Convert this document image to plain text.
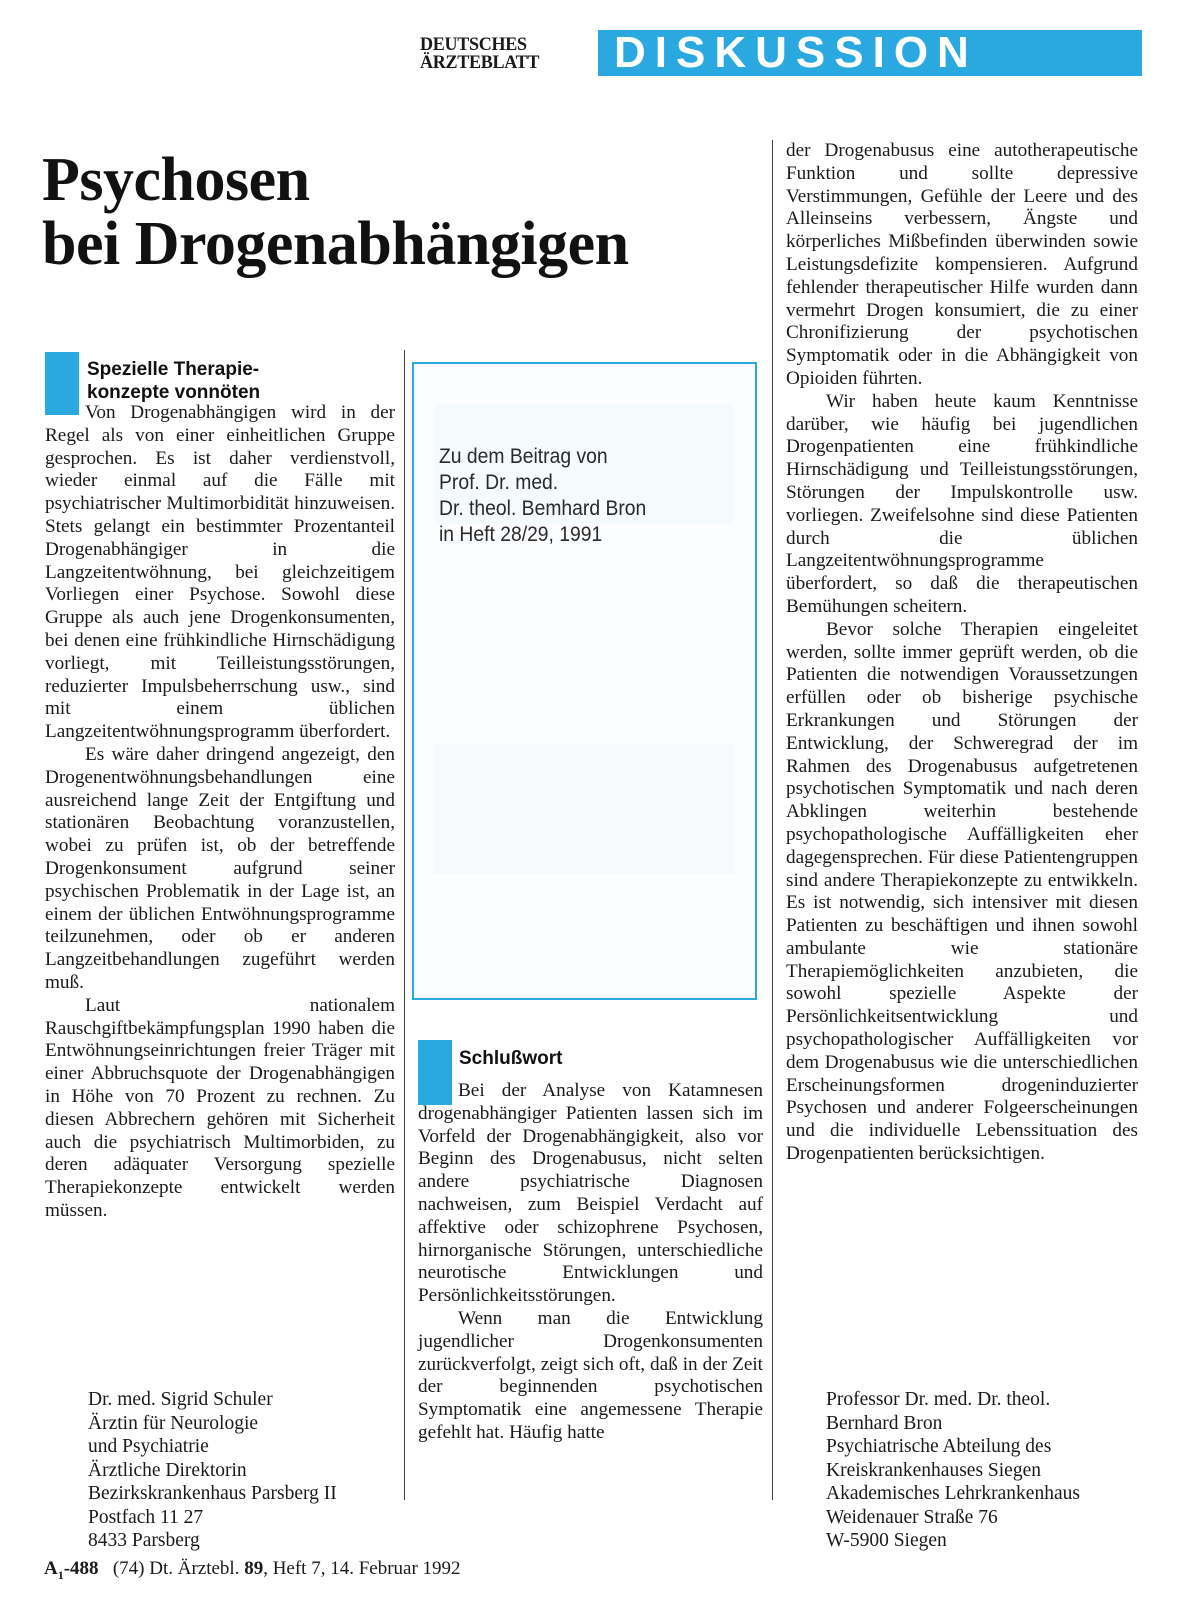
DEUTSCHES
ÄRZTEBLATT	DISKUSSION
Psychosen
bei Drogenabhängigen
Spezielle Therapie-
konzepte vonnöten

Von Drogenabhängigen wird in der Regel als von einer einheitlichen Gruppe gesprochen. Es ist daher verdienstvoll, wieder einmal auf die Fälle mit psychiatrischer Multimorbidität hinzuweisen. Stets gelangt ein bestimmter Prozentanteil Drogenabhängiger in die Langzeitentwöhnung, bei gleichzeitigem Vorliegen einer Psychose. Sowohl diese Gruppe als auch jene Drogenkonsumenten, bei denen eine frühkindliche Hirnschädigung vorliegt, mit Teilleistungsstörungen, reduzierter Impulsbeherrschung usw., sind mit einem üblichen Langzeitentwöhnungsprogramm überfordert.

Es wäre daher dringend angezeigt, den Drogenentwöhnungsbehandlungen eine ausreichend lange Zeit der Entgiftung und stationären Beobachtung voranzustellen, wobei zu prüfen ist, ob der betreffende Drogenkonsument aufgrund seiner psychischen Problematik in der Lage ist, an einem der üblichen Entwöhnungsprogramme teilzunehmen, oder ob er anderen Langzeitbehandlungen zugeführt werden muß.

Laut nationalem Rauschgiftbekämpfungsplan 1990 haben die Entwöhnungseinrichtungen freier Träger mit einer Abbruchsquote der Drogenabhängigen in Höhe von 70 Prozent zu rechnen. Zu diesen Abbrechern gehören mit Sicherheit auch die psychiatrisch Multimorbiden, zu deren adäquater Versorgung spezielle Therapiekonzepte entwickelt werden müssen.

Zu dem Beitrag von
Prof. Dr. med.
Dr. theol. Bemhard Bron
in Heft 28/29, 1991
Schlußwort

Bei der Analyse von Katamnesen drogenabhängiger Patienten lassen sich im Vorfeld der Drogenabhängigkeit, also vor Beginn des Drogenabusus, nicht selten andere psychiatrische Diagnosen nachweisen, zum Beispiel Verdacht auf affektive oder schizophrene Psychosen, hirnorganische Störungen, unterschiedliche neurotische Entwicklungen und Persönlichkeitsstörungen.

Wenn man die Entwicklung jugendlicher Drogenkonsumenten zurückverfolgt, zeigt sich oft, daß in der Zeit der beginnenden psychotischen Symptomatik eine angemessene Therapie gefehlt hat. Häufig hatte

der Drogenabusus eine autotherapeutische Funktion und sollte depressive Verstimmungen, Gefühle der Leere und des Alleinseins verbessern, Ängste und körperliches Mißbefinden überwinden sowie Leistungsdefizite kompensieren. Aufgrund fehlender therapeutischer Hilfe wurden dann vermehrt Drogen konsumiert, die zu einer Chronifizierung der psychotischen Symptomatik oder in die Abhängigkeit von Opioiden führten.

Wir haben heute kaum Kenntnisse darüber, wie häufig bei jugendlichen Drogenpatienten eine frühkindliche Hirnschädigung und Teilleistungsstörungen, Störungen der Impulskontrolle usw. vorliegen. Zweifelsohne sind diese Patienten durch die üblichen Langzeitentwöhnungsprogramme überfordert, so daß die therapeutischen Bemühungen scheitern.

Bevor solche Therapien eingeleitet werden, sollte immer geprüft werden, ob die Patienten die notwendigen Voraussetzungen erfüllen oder ob bisherige psychische Erkrankungen und Störungen der Entwicklung, der Schweregrad der im Rahmen des Drogenabusus aufgetretenen psychotischen Symptomatik und nach deren Abklingen weiterhin bestehende psychopathologische Auffälligkeiten eher dagegensprechen. Für diese Patientengruppen sind andere Therapiekonzepte zu entwikkeln. Es ist notwendig, sich intensiver mit diesen Patienten zu beschäftigen und ihnen sowohl ambulante wie stationäre Therapiemöglichkeiten anzubieten, die sowohl spezielle Aspekte der Persönlichkeitsentwicklung und psychopathologischer Auffälligkeiten vor dem Drogenabusus wie die unterschiedlichen Erscheinungsformen drogeninduzierter Psychosen und anderer Folgeerscheinungen und die individuelle Lebenssituation des Drogenpatienten berücksichtigen.

Dr. med. Sigrid Schuler
Ärztin für Neurologie
und Psychiatrie
Ärztliche Direktorin
Bezirkskrankenhaus Parsberg II
Postfach 11 27
8433 Parsberg
Professor Dr. med. Dr. theol.
Bernhard Bron
Psychiatrische Abteilung des
Kreiskrankenhauses Siegen
Akademisches Lehrkrankenhaus
Weidenauer Straße 76
W-5900 Siegen
$A_1-488$ (74) Dt. Ärztebl. 89, Heft 7, 14. Februar 1992
